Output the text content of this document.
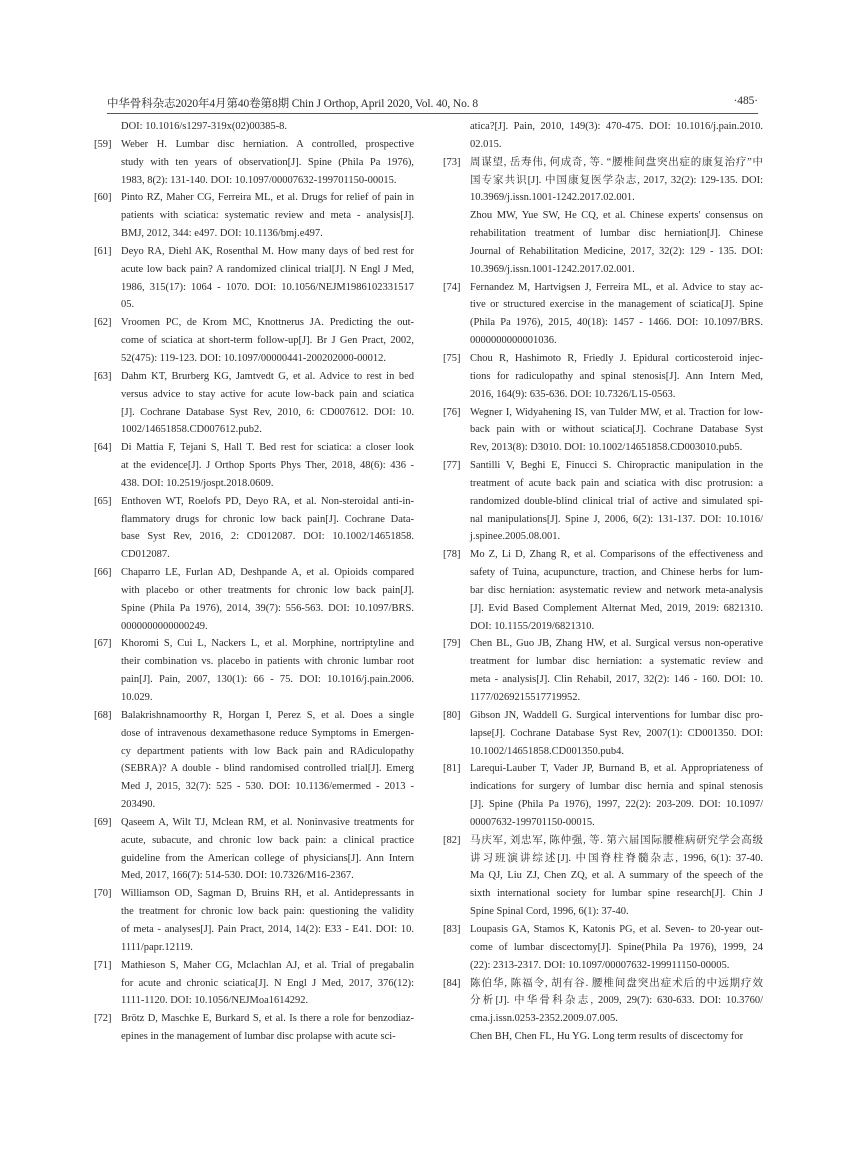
中华骨科杂志2020年4月第40卷第8期 Chin J Orthop, April 2020, Vol. 40, No. 8	·485·
DOI: 10.1016/s1297-319x(02)00385-8.
[59] Weber H. Lumbar disc herniation. A controlled, prospective
study with ten years of observation[J]. Spine (Phila Pa 1976),
1983, 8(2): 131-140. DOI: 10.1097/00007632-199701150-00015.
[60] Pinto RZ, Maher CG, Ferreira ML, et al. Drugs for relief of pain in
patients with sciatica: systematic review and meta - analysis[J].
BMJ, 2012, 344: e497. DOI: 10.1136/bmj.e497.
[61] Deyo RA, Diehl AK, Rosenthal M. How many days of bed rest for
acute low back pain? A randomized clinical trial[J]. N Engl J Med,
1986, 315(17): 1064 - 1070. DOI: 10.1056/NEJM1986102331517
05.
[62] Vroomen PC, de Krom MC, Knottnerus JA. Predicting the out-
come of sciatica at short-term follow-up[J]. Br J Gen Pract, 2002,
52(475): 119-123. DOI: 10.1097/00000441-200202000-00012.
[63] Dahm KT, Brurberg KG, Jamtvedt G, et al. Advice to rest in bed
versus advice to stay active for acute low-back pain and sciatica
[J]. Cochrane Database Syst Rev, 2010, 6: CD007612. DOI: 10.
1002/14651858.CD007612.pub2.
[64] Di Mattia F, Tejani S, Hall T. Bed rest for sciatica: a closer look
at the evidence[J]. J Orthop Sports Phys Ther, 2018, 48(6): 436 -
438. DOI: 10.2519/jospt.2018.0609.
[65] Enthoven WT, Roelofs PD, Deyo RA, et al. Non-steroidal anti-in-
flammatory drugs for chronic low back pain[J]. Cochrane Data-
base Syst Rev, 2016, 2: CD012087. DOI: 10.1002/14651858.
CD012087.
[66] Chaparro LE, Furlan AD, Deshpande A, et al. Opioids compared
with placebo or other treatments for chronic low back pain[J].
Spine (Phila Pa 1976), 2014, 39(7): 556-563. DOI: 10.1097/BRS.
0000000000000249.
[67] Khoromi S, Cui L, Nackers L, et al. Morphine, nortriptyline and
their combination vs. placebo in patients with chronic lumbar root
pain[J]. Pain, 2007, 130(1): 66 - 75. DOI: 10.1016/j.pain.2006.
10.029.
[68] Balakrishnamoorthy R, Horgan I, Perez S, et al. Does a single
dose of intravenous dexamethasone reduce Symptoms in Emergen-
cy department patients with low Back pain and RAdiculopathy
(SEBRA)? A double - blind randomised controlled trial[J]. Emerg
Med J, 2015, 32(7): 525 - 530. DOI: 10.1136/emermed - 2013 -
203490.
[69] Qaseem A, Wilt TJ, Mclean RM, et al. Noninvasive treatments for
acute, subacute, and chronic low back pain: a clinical practice
guideline from the American college of physicians[J]. Ann Intern
Med, 2017, 166(7): 514-530. DOI: 10.7326/M16-2367.
[70] Williamson OD, Sagman D, Bruins RH, et al. Antidepressants in
the treatment for chronic low back pain: questioning the validity
of meta - analyses[J]. Pain Pract, 2014, 14(2): E33 - E41. DOI: 10.
1111/papr.12119.
[71] Mathieson S, Maher CG, Mclachlan AJ, et al. Trial of pregabalin
for acute and chronic sciatica[J]. N Engl J Med, 2017, 376(12):
1111-1120. DOI: 10.1056/NEJMoa1614292.
[72] Brötz D, Maschke E, Burkard S, et al. Is there a role for benzodiaz-
epines in the management of lumbar disc prolapse with acute sci-
atica?[J]. Pain, 2010, 149(3): 470-475. DOI: 10.1016/j.pain.2010.
02.015.
[73] 周谋望, 岳寿伟, 何成奇, 等. “腰椎间盘突出症的康复治疗”中
国专家共识[J]. 中国康复医学杂志, 2017, 32(2): 129-135. DOI:
10.3969/j.issn.1001-1242.2017.02.001.
Zhou MW, Yue SW, He CQ, et al. Chinese experts′ consensus on
rehabilitation treatment of lumbar disc herniation[J]. Chinese
Journal of Rehabilitation Medicine, 2017, 32(2): 129 - 135. DOI:
10.3969/j.issn.1001-1242.2017.02.001.
[74] Fernandez M, Hartvigsen J, Ferreira ML, et al. Advice to stay ac-
tive or structured exercise in the management of sciatica[J]. Spine
(Phila Pa 1976), 2015, 40(18): 1457 - 1466. DOI: 10.1097/BRS.
0000000000001036.
[75] Chou R, Hashimoto R, Friedly J. Epidural corticosteroid injec-
tions for radiculopathy and spinal stenosis[J]. Ann Intern Med,
2016, 164(9): 635-636. DOI: 10.7326/L15-0563.
[76] Wegner I, Widyahening IS, van Tulder MW, et al. Traction for low-
back pain with or without sciatica[J]. Cochrane Database Syst
Rev, 2013(8): D3010. DOI: 10.1002/14651858.CD003010.pub5.
[77] Santilli V, Beghi E, Finucci S. Chiropractic manipulation in the
treatment of acute back pain and sciatica with disc protrusion: a
randomized double-blind clinical trial of active and simulated spi-
nal manipulations[J]. Spine J, 2006, 6(2): 131-137. DOI: 10.1016/
j.spinee.2005.08.001.
[78] Mo Z, Li D, Zhang R, et al. Comparisons of the effectiveness and
safety of Tuina, acupuncture, traction, and Chinese herbs for lum-
bar disc herniation: asystematic review and network meta-analysis
[J]. Evid Based Complement Alternat Med, 2019, 2019: 6821310.
DOI: 10.1155/2019/6821310.
[79] Chen BL, Guo JB, Zhang HW, et al. Surgical versus non-operative
treatment for lumbar disc herniation: a systematic review and
meta - analysis[J]. Clin Rehabil, 2017, 32(2): 146 - 160. DOI: 10.
1177/0269215517719952.
[80] Gibson JN, Waddell G. Surgical interventions for lumbar disc pro-
lapse[J]. Cochrane Database Syst Rev, 2007(1): CD001350. DOI:
10.1002/14651858.CD001350.pub4.
[81] Larequi-Lauber T, Vader JP, Burnand B, et al. Appropriateness of
indications for surgery of lumbar disc hernia and spinal stenosis
[J]. Spine (Phila Pa 1976), 1997, 22(2): 203-209. DOI: 10.1097/
00007632-199701150-00015.
[82] 马庆军, 刘忠军, 陈仲强, 等. 第六届国际腰椎病研究学会高级
讲习班演讲综述[J]. 中国脊柱脊髓杂志, 1996, 6(1): 37-40.
Ma QJ, Liu ZJ, Chen ZQ, et al. A summary of the speech of the
sixth international society for lumbar spine research[J]. Chin J
Spine Spinal Cord, 1996, 6(1): 37-40.
[83] Loupasis GA, Stamos K, Katonis PG, et al. Seven- to 20-year out-
come of lumbar discectomy[J]. Spine(Phila Pa 1976), 1999, 24
(22): 2313-2317. DOI: 10.1097/00007632-199911150-00005.
[84] 陈伯华, 陈福令, 胡有谷. 腰椎间盘突出症术后的中远期疗效
分析[J]. 中华骨科杂志, 2009, 29(7): 630-633. DOI: 10.3760/
cma.j.issn.0253-2352.2009.07.005.
Chen BH, Chen FL, Hu YG. Long term results of discectomy for
